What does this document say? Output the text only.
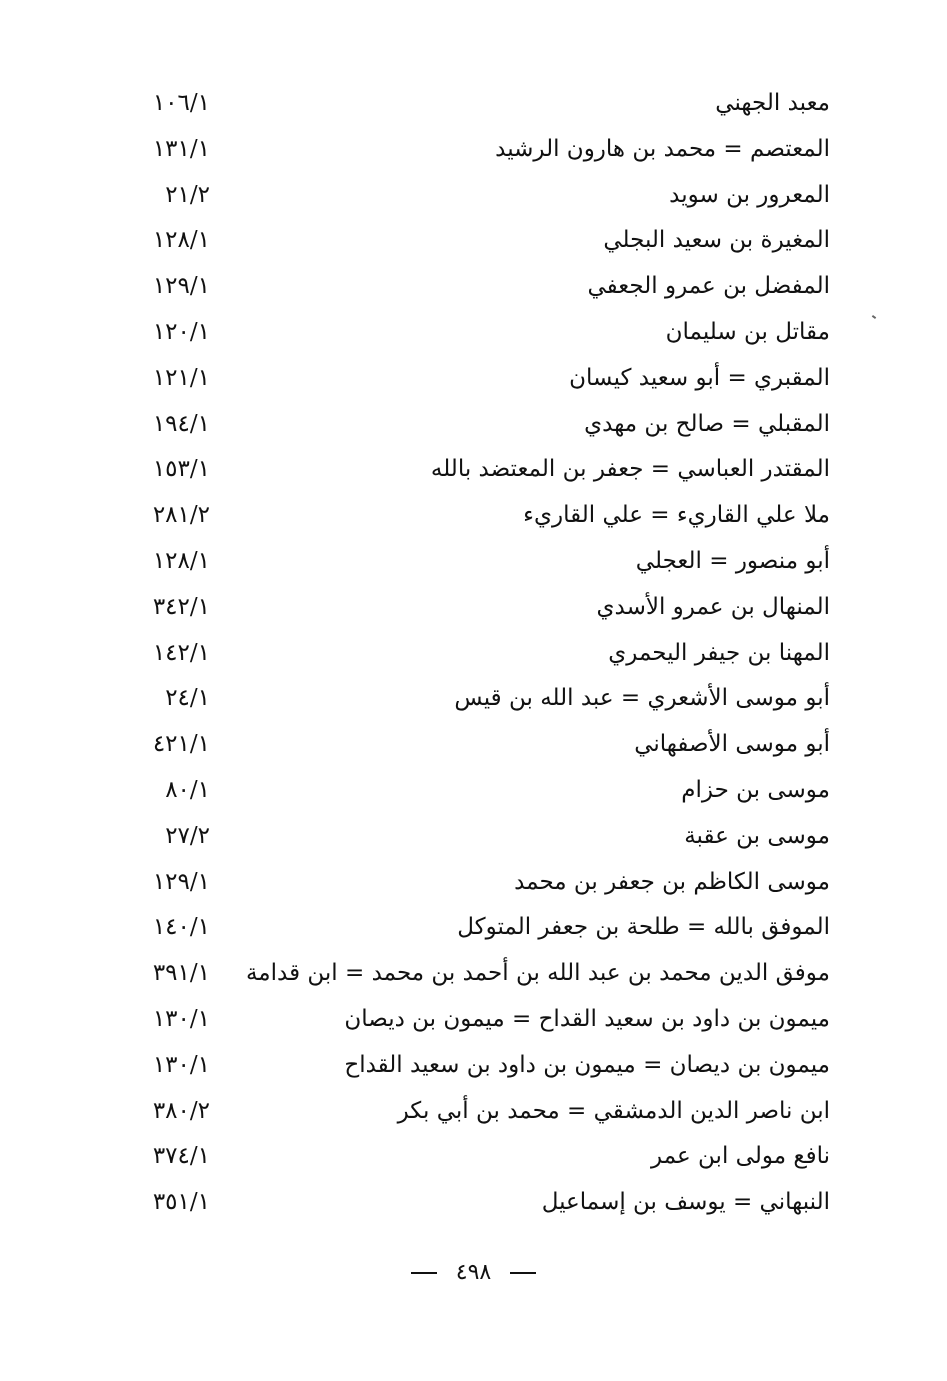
معبد الجهني
١٠٦/١
المعتصم = محمد بن هارون الرشيد
١٣١/١
المعرور بن سويد
٢١/٢
المغيرة بن سعيد البجلي
١٢٨/١
المفضل بن عمرو الجعفي
١٢٩/١
مقاتل بن سليمان
١٢٠/١
المقبري = أبو سعيد كيسان
١٢١/١
المقبلي = صالح بن مهدي
١٩٤/١
المقتدر العباسي = جعفر بن المعتضد بالله
١٥٣/١
ملا علي القاريء = علي القاريء
٢٨١/٢
أبو منصور = العجلي
١٢٨/١
المنهال بن عمرو الأسدي
٣٤٢/١
المهنا بن جيفر اليحمري
١٤٢/١
أبو موسى الأشعري = عبد الله بن قيس
٢٤/١
أبو موسى الأصفهاني
٤٢١/١
موسى بن حزام
٨٠/١
موسى بن عقبة
٢٧/٢
موسى الكاظم بن جعفر بن محمد
١٢٩/١
الموفق بالله = طلحة بن جعفر المتوكل
١٤٠/١
موفق الدين محمد بن عبد الله بن أحمد بن محمد = ابن قدامة
٣٩١/١
ميمون بن داود بن سعيد القداح = ميمون بن ديصان
١٣٠/١
ميمون بن ديصان = ميمون بن داود بن سعيد القداح
١٣٠/١
ابن ناصر الدين الدمشقي = محمد بن أبي بكر
٣٨٠/٢
نافع مولى ابن عمر
٣٧٤/١
النبهاني = يوسف بن إسماعيل
٣٥١/١
٤٩٨
